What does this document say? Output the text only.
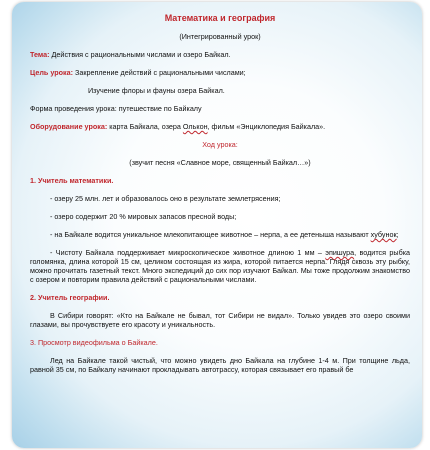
Математика и география
(Интегрированный урок)
Тема: Действия с рациональными числами и озеро Байкал.
Цель урока: Закрепление действий с рациональными числами;
Изучение флоры и фауны озера Байкал.
Форма проведения урока: путешествие по Байкалу
Оборудование урока: карта Байкала, озера Олькон, фильм «Энциклопедия Байкала».
Ход урока:
(звучит песня «Славное море, священный Байкал…»)
1. Учитель математики.
- озеру 25 млн. лет и образовалось оно в результате землетрясения;
- озеро содержит 20 % мировых запасов пресной воды;
- на Байкале водится уникальное млекопитающее животное – нерпа, а ее детеныша называют хубунок;
- Чистоту Байкала поддерживает микроскопическое животное длиною 1 мм – эпишура, водится рыбка голомянка, длина которой 15 см, целиком состоящая из жира, которой питается нерпа. Глядя сквозь эту рыбку, можно прочитать газетный текст. Много экспедиций до сих пор изучают Байкал. Мы тоже продолжим знакомство с озером и повторим правила действий с рациональными числами.
2. Учитель географии.
В Сибири говорят: «Кто на Байкале не бывал, тот Сибири не видал». Только увидев это озеро своими глазами, вы прочувствуете его красоту и уникальность.
3. Просмотр видеофильма о Байкале.
Лед на Байкале такой чистый, что можно увидеть дно Байкала на глубине 1-4 м. При толщине льда, равной 35 см, по Байкалу начинают прокладывать автотрассу, которая связывает его правый бе
